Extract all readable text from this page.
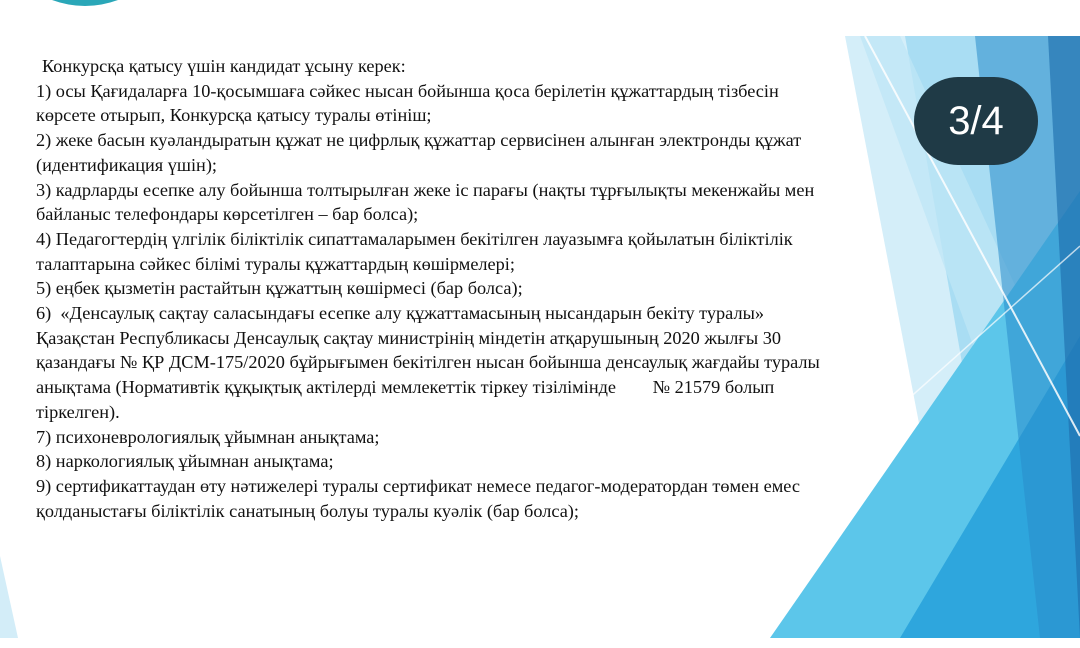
Конкурсқа қатысу үшін кандидат ұсыну керек:

1) осы Қағидаларға 10-қосымшаға сәйкес нысан бойынша қоса берілетін құжаттардың тізбесін көрсете отырып, Конкурсқа қатысу туралы өтініш;

2) жеке басын куәландыратын құжат не цифрлық құжаттар сервисінен алынған электронды құжат (идентификация үшін);

3) кадрларды есепке алу бойынша толтырылған жеке іс парағы (нақты тұрғылықты мекенжайы мен байланыс телефондары көрсетілген – бар болса);

4) Педагогтердің үлгілік біліктілік сипаттамаларымен бекітілген лауазымға қойылатын біліктілік талаптарына сәйкес білімі туралы құжаттардың көшірмелері;

5) еңбек қызметін растайтын құжаттың көшірмесі (бар болса);

6)  «Денсаулық сақтау саласындағы есепке алу құжаттамасының нысандарын бекіту туралы» Қазақстан Республикасы Денсаулық сақтау министрінің міндетін атқарушының 2020 жылғы 30 қазандағы № ҚР ДСМ-175/2020 бұйрығымен бекітілген нысан бойынша денсаулық жағдайы туралы анықтама (Нормативтік құқықтық актілерді мемлекеттік тіркеу тізілімінде        № 21579 болып тіркелген).

7) психоневрологиялық ұйымнан анықтама;

8) наркологиялық ұйымнан анықтама;

9) сертификаттаудан өту нәтижелері туралы сертификат немесе педагог-модератордан төмен емес қолданыстағы біліктілік санатының болуы туралы куәлік (бар болса);

3/4
